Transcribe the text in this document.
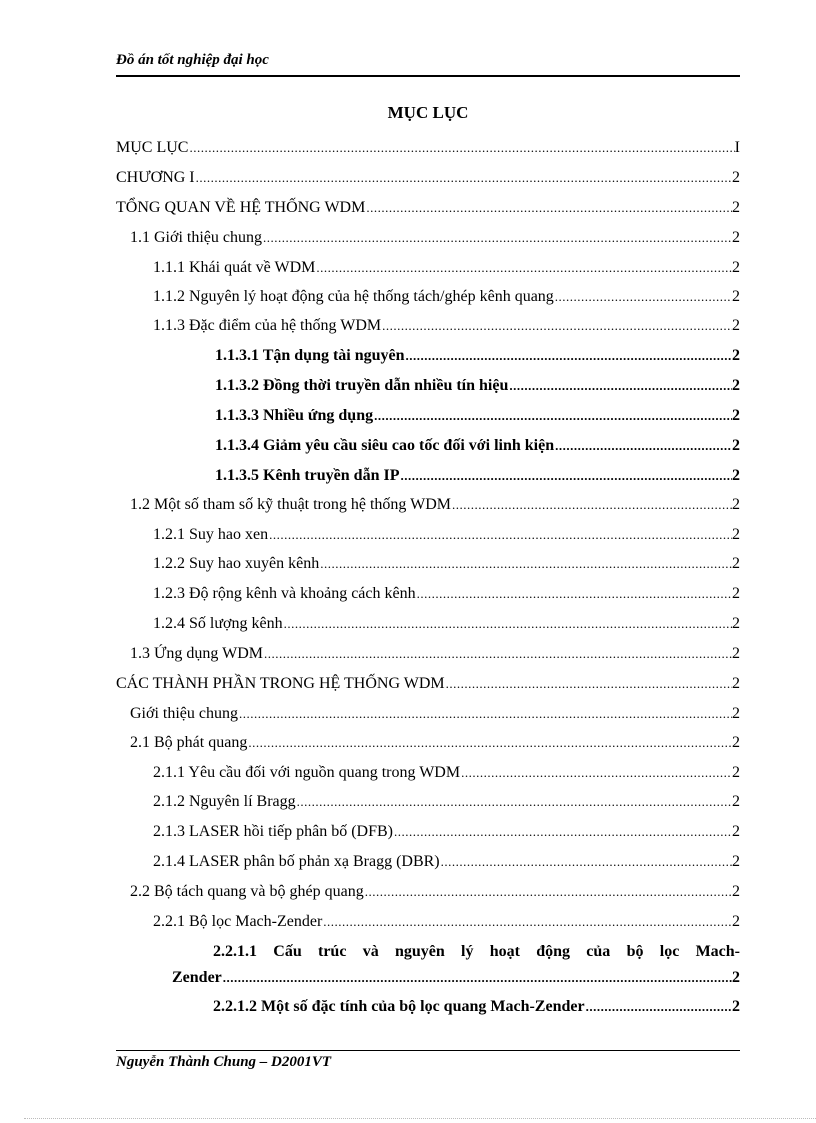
Đồ án tốt nghiệp đại học
MỤC LỤC
MỤC LỤC .....	I
CHƯƠNG I .....	2
TỔNG QUAN VỀ HỆ THỐNG WDM .....	2
1.1 Giới thiệu chung .....	2
1.1.1 Khái quát về WDM .....	2
1.1.2 Nguyên lý hoạt động của hệ thống tách/ghép kênh quang .....	2
1.1.3 Đặc điểm của hệ thống WDM .....	2
1.1.3.1 Tận dụng tài nguyên .....	2
1.1.3.2 Đồng thời truyền dẫn nhiều tín hiệu .....	2
1.1.3.3 Nhiều ứng dụng .....	2
1.1.3.4 Giảm yêu cầu siêu cao tốc đối với linh kiện .....	2
1.1.3.5 Kênh truyền dẫn IP .....	2
1.2 Một số tham số kỹ thuật trong hệ thống WDM .....	2
1.2.1 Suy hao xen .....	2
1.2.2 Suy hao xuyên kênh .....	2
1.2.3 Độ rộng kênh và khoảng cách kênh .....	2
1.2.4 Số lượng kênh .....	2
1.3 Ứng dụng WDM .....	2
CÁC THÀNH PHẦN TRONG HỆ THỐNG WDM .....	2
Giới thiệu chung .....	2
2.1 Bộ phát quang .....	2
2.1.1 Yêu cầu đối với nguồn quang trong WDM .....	2
2.1.2 Nguyên lí Bragg .....	2
2.1.3 LASER hồi tiếp phân bố (DFB) .....	2
2.1.4 LASER phân bố phản xạ Bragg (DBR) .....	2
2.2 Bộ tách quang và bộ ghép quang .....	2
2.2.1 Bộ lọc Mach-Zender .....	2
2.2.1.1 Cấu trúc và nguyên lý hoạt động của bộ lọc Mach-
Zender .....	2
2.2.1.2 Một số đặc tính của bộ lọc quang Mach-Zender .....	2
Nguyễn Thành Chung – D2001VT
